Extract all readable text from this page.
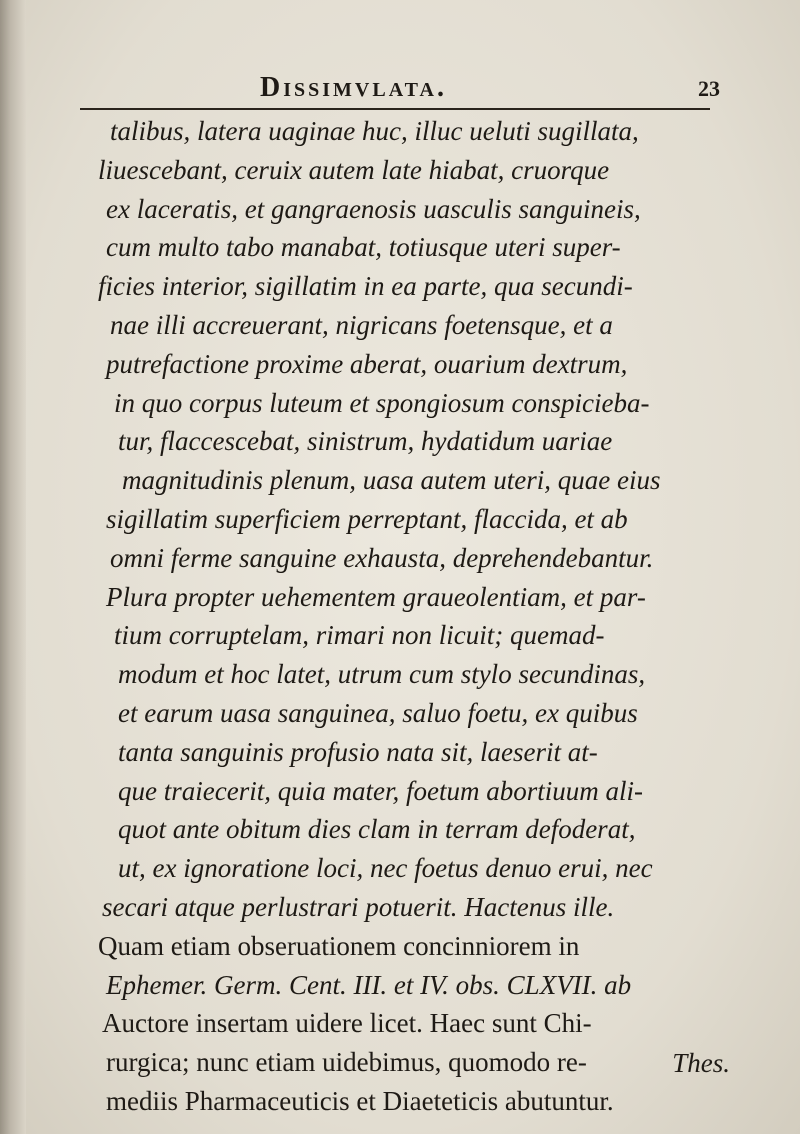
Dissimvlata.	23
talibus, latera uaginae huc, illuc ueluti sugillata,
liuescebant, ceruix autem late hiabat, cruorque
ex laceratis, et gangraenosis uasculis sanguineis,
cum multo tabo manabat, totiusque uteri super-
ficies interior, sigillatim in ea parte, qua secundi-
nae illi accreuerant, nigricans foetensque, et a
putrefactione proxime aberat, ouarium dextrum,
in quo corpus luteum et spongiosum conspicieba-
tur, flaccescebat, sinistrum, hydatidum uariae
magnitudinis plenum, uasa autem uteri, quae eius
sigillatim superficiem perreptant, flaccida, et ab
omni ferme sanguine exhausta, deprehendebantur.
Plura propter uehementem graueolentiam, et par-
tium corruptelam, rimari non licuit; quemad-
modum et hoc latet, utrum cum stylo secundinas,
et earum uasa sanguinea, saluo foetu, ex quibus
tanta sanguinis profusio nata sit, laeserit at-
que traiecerit, quia mater, foetum abortiuum ali-
quot ante obitum dies clam in terram defoderat,
ut, ex ignoratione loci, nec foetus denuo erui, nec
secari atque perlustrari potuerit. Hactenus ille.
Quam etiam obseruationem concinniorem in
Ephemer. Germ. Cent. III. et IV. obs. CLXVII. ab
Auctore insertam uidere licet. Haec sunt Chi-
rurgica; nunc etiam uidebimus, quomodo re-
mediis Pharmaceuticis et Diaeteticis abutuntur.
Thes.
